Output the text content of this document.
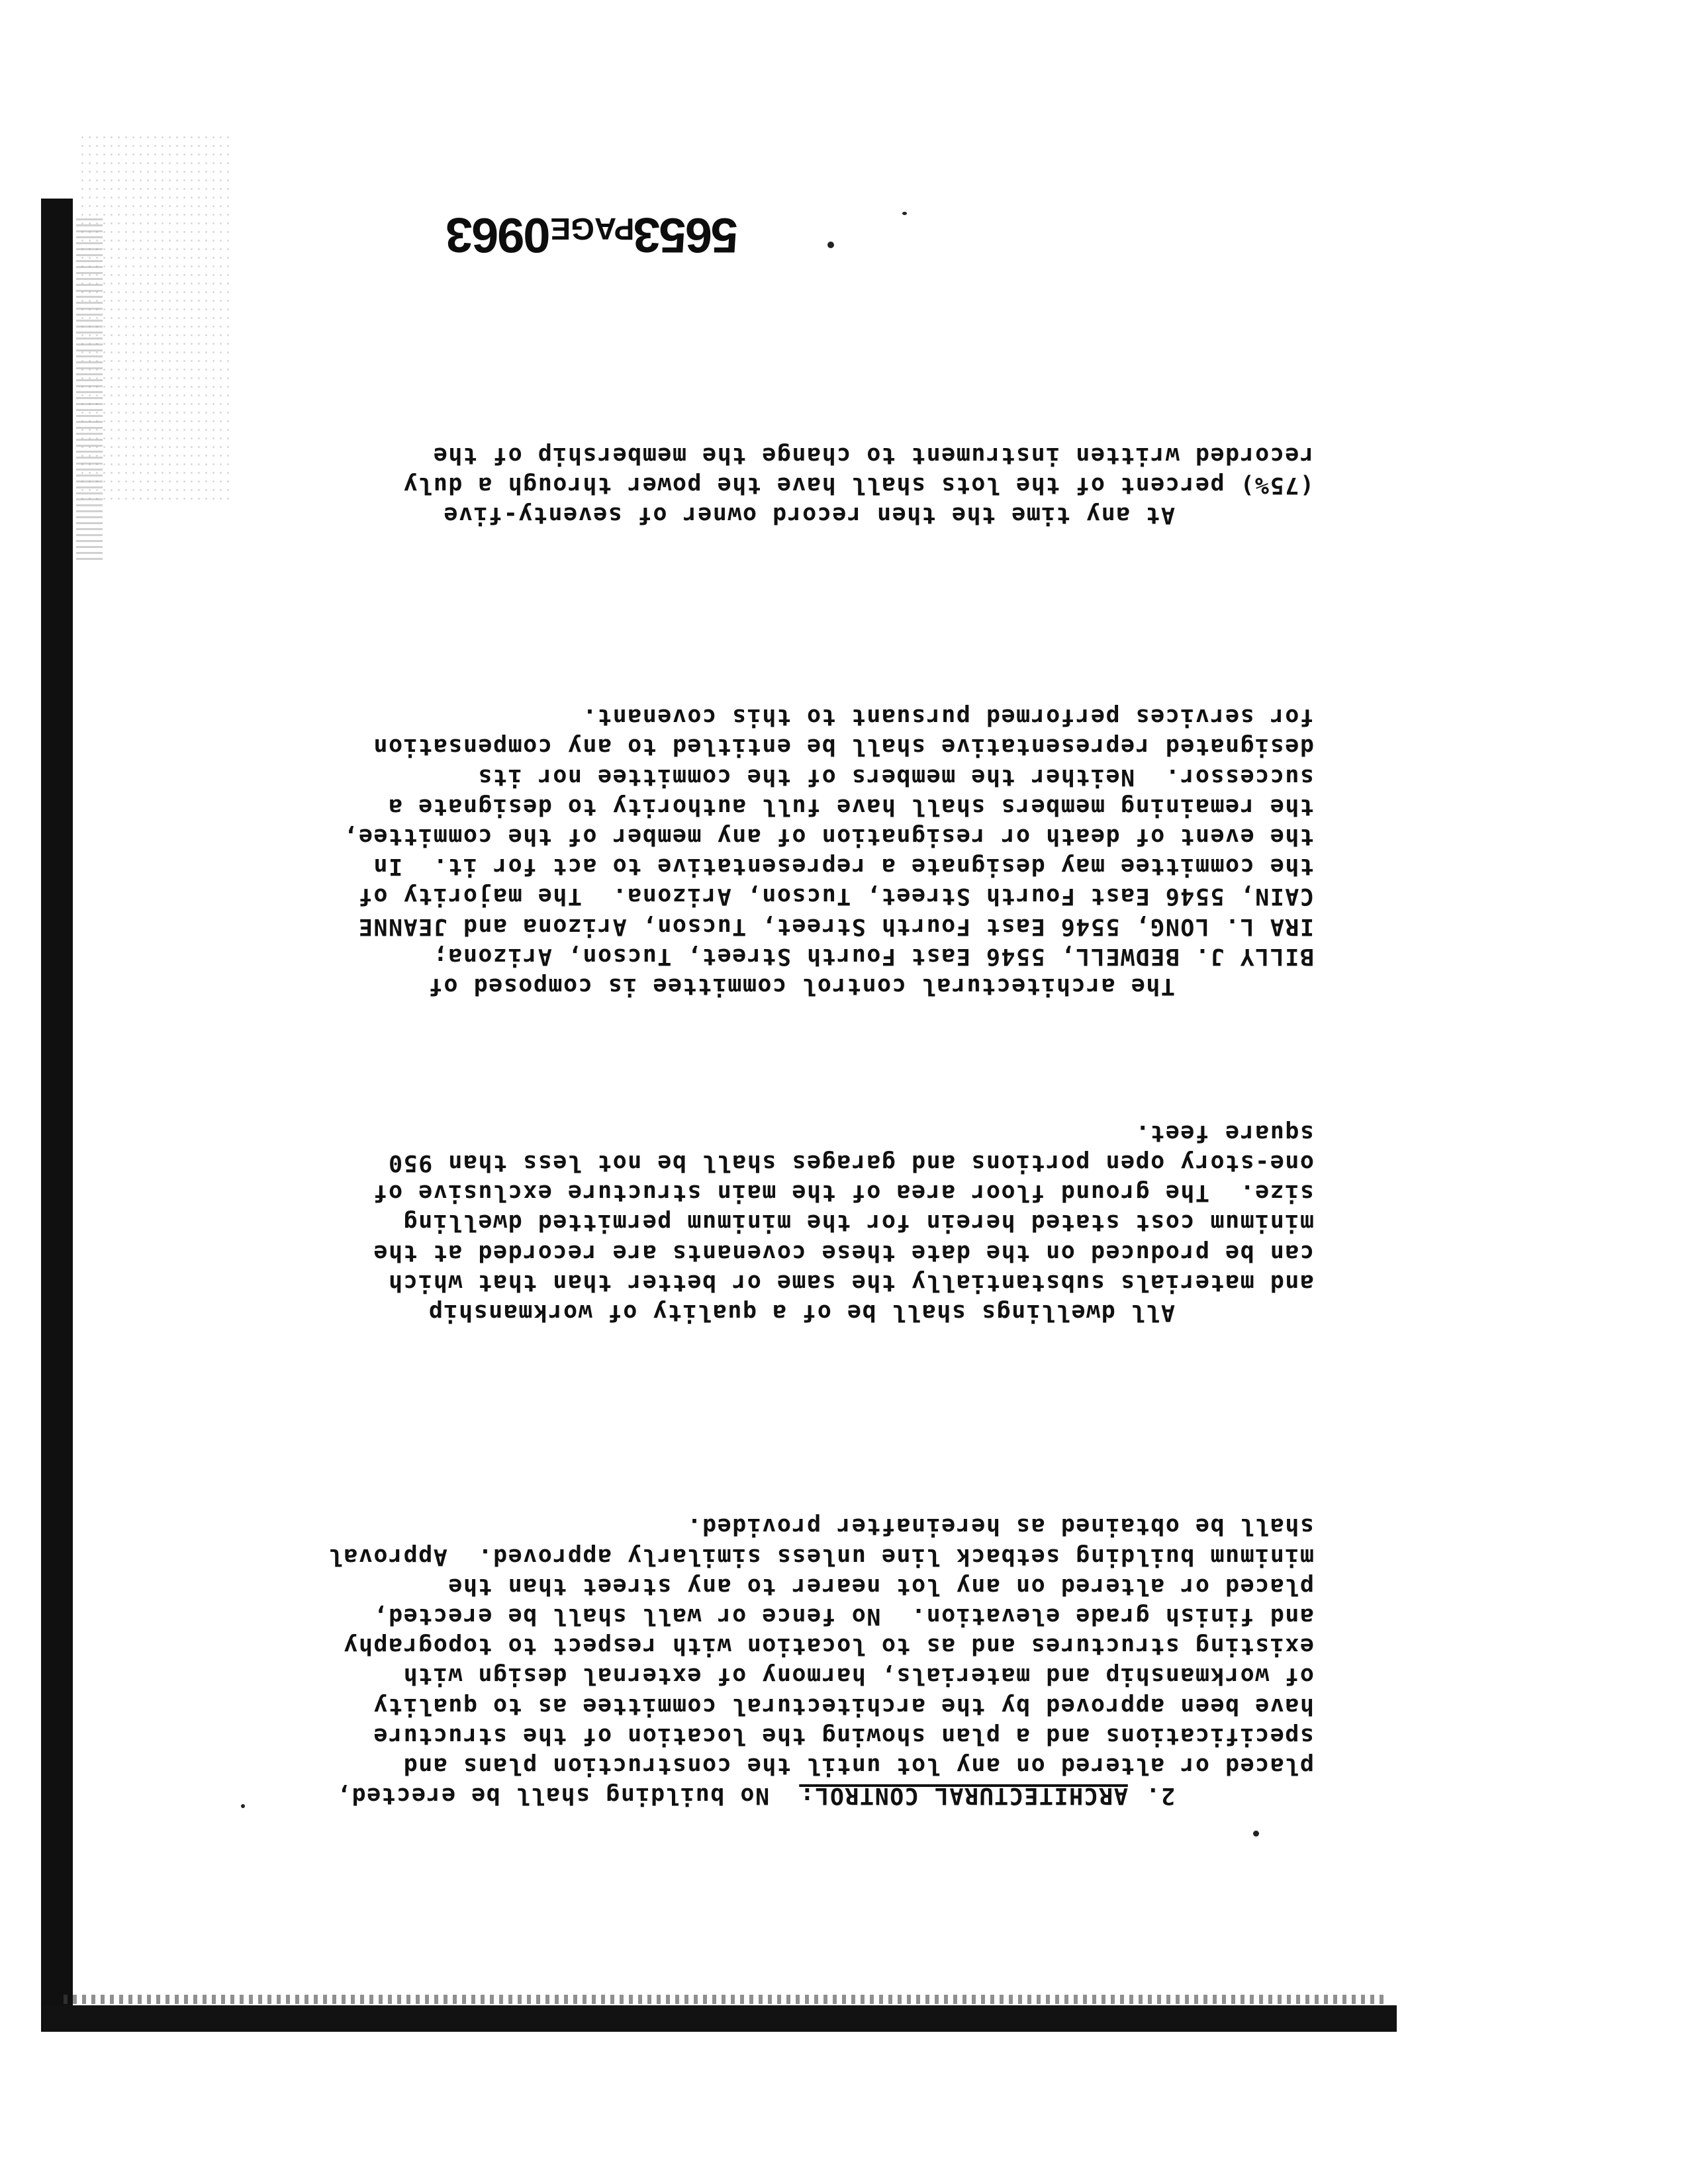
2.ARCHITECTURAL CONTROL:  No building shall be erected,

placed or altered on any lot until the construction plans and

specifications and a plan showing the location of the structure

have been approved by the architectural committee as to quality

of workmanship and materials, harmony of external design with

existing structures and as to location with respect to topography

and finish grade elevation.  No fence or wall shall be erected,

placed or altered on any lot nearer to any street than the

minimum building setback line unless similarly approved.  Approval

shall be obtained as hereinafter provided.

All dwellings shall be of a quality of workmanship

and materials substantially the same or better than that which

can be produced on the date these covenants are recorded at the

minimum cost stated herein for the minimum permitted dwelling

size.  The ground floor area of the main structure exclusive of

one-story open portions and garages shall be not less than 950

square feet.

The architectural control committee is composed of

BILLY J. BEDWELL, 5546 East Fourth Street, Tucson, Arizona;

IRA L. LONG, 5546 East Fourth Street, Tucson, Arizona and JEANNE

CAIN, 5546 East Fourth Street, Tucson, Arizona.  The majority of

the committee may designate a representative to act for it.  In

the event of death or resignation of any member of the committee,

the remaining members shall have full authority to designate a

successor.  Neither the members of the committee nor its

designated representative shall be entitled to any compensation

for services performed pursuant to this covenant.

At any time the then record owner of seventy-five

(75%) percent of the lots shall have the power through a duly

recorded written instrument to change the membership of the

5653PAGE0963
